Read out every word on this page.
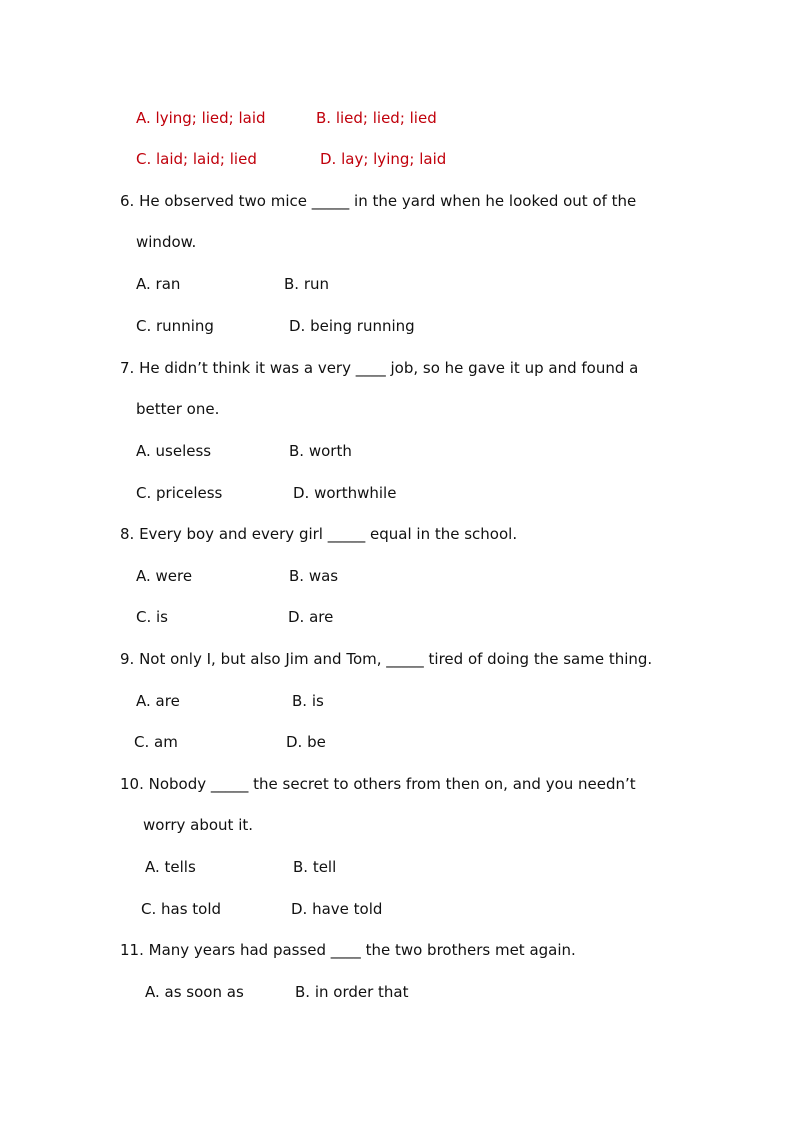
A. lying; lied; laid	B. lied; lied; lied
C. laid; laid; lied	D. lay; lying; laid
6. He observed two mice _____ in the yard when he looked out of the
window.
A. ran	B. run
C. running	D. being running
7. He didn’t think it was a very ____ job, so he gave it up and found a
better one.
A. useless	B. worth
C. priceless	D. worthwhile
8. Every boy and every girl _____ equal in the school.
A. were	B. was
C. is	D. are
9. Not only I, but also Jim and Tom, _____ tired of doing the same thing.
A. are	B. is
C. am	D. be
10. Nobody _____ the secret to others from then on, and you needn’t
worry about it.
A. tells	B. tell
C. has told	D. have told
11. Many years had passed ____ the two brothers met again.
A. as soon as	B. in order that
